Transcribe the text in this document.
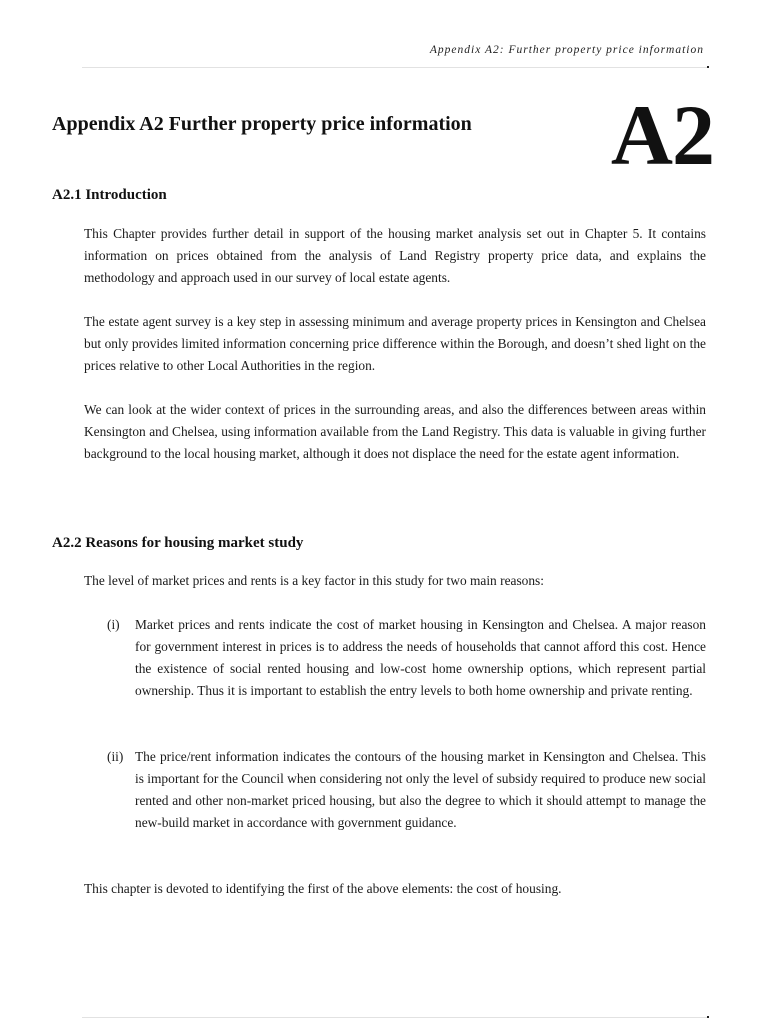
Appendix A2: Further property price information
Appendix A2 Further property price information A2
A2.1 Introduction

This Chapter provides further detail in support of the housing market analysis set out in Chapter 5. It contains information on prices obtained from the analysis of Land Registry property price data, and explains the methodology and approach used in our survey of local estate agents.

The estate agent survey is a key step in assessing minimum and average property prices in Kensington and Chelsea but only provides limited information concerning price difference within the Borough, and doesn’t shed light on the prices relative to other Local Authorities in the region.

We can look at the wider context of prices in the surrounding areas, and also the differences between areas within Kensington and Chelsea, using information available from the Land Registry. This data is valuable in giving further background to the local housing market, although it does not displace the need for the estate agent information.

A2.2 Reasons for housing market study

The level of market prices and rents is a key factor in this study for two main reasons:

(i) Market prices and rents indicate the cost of market housing in Kensington and Chelsea. A major reason for government interest in prices is to address the needs of households that cannot afford this cost. Hence the existence of social rented housing and low-cost home ownership options, which represent partial ownership. Thus it is important to establish the entry levels to both home ownership and private renting.

(ii) The price/rent information indicates the contours of the housing market in Kensington and Chelsea. This is important for the Council when considering not only the level of subsidy required to produce new social rented and other non-market priced housing, but also the degree to which it should attempt to manage the new-build market in accordance with government guidance.

This chapter is devoted to identifying the first of the above elements: the cost of housing.
